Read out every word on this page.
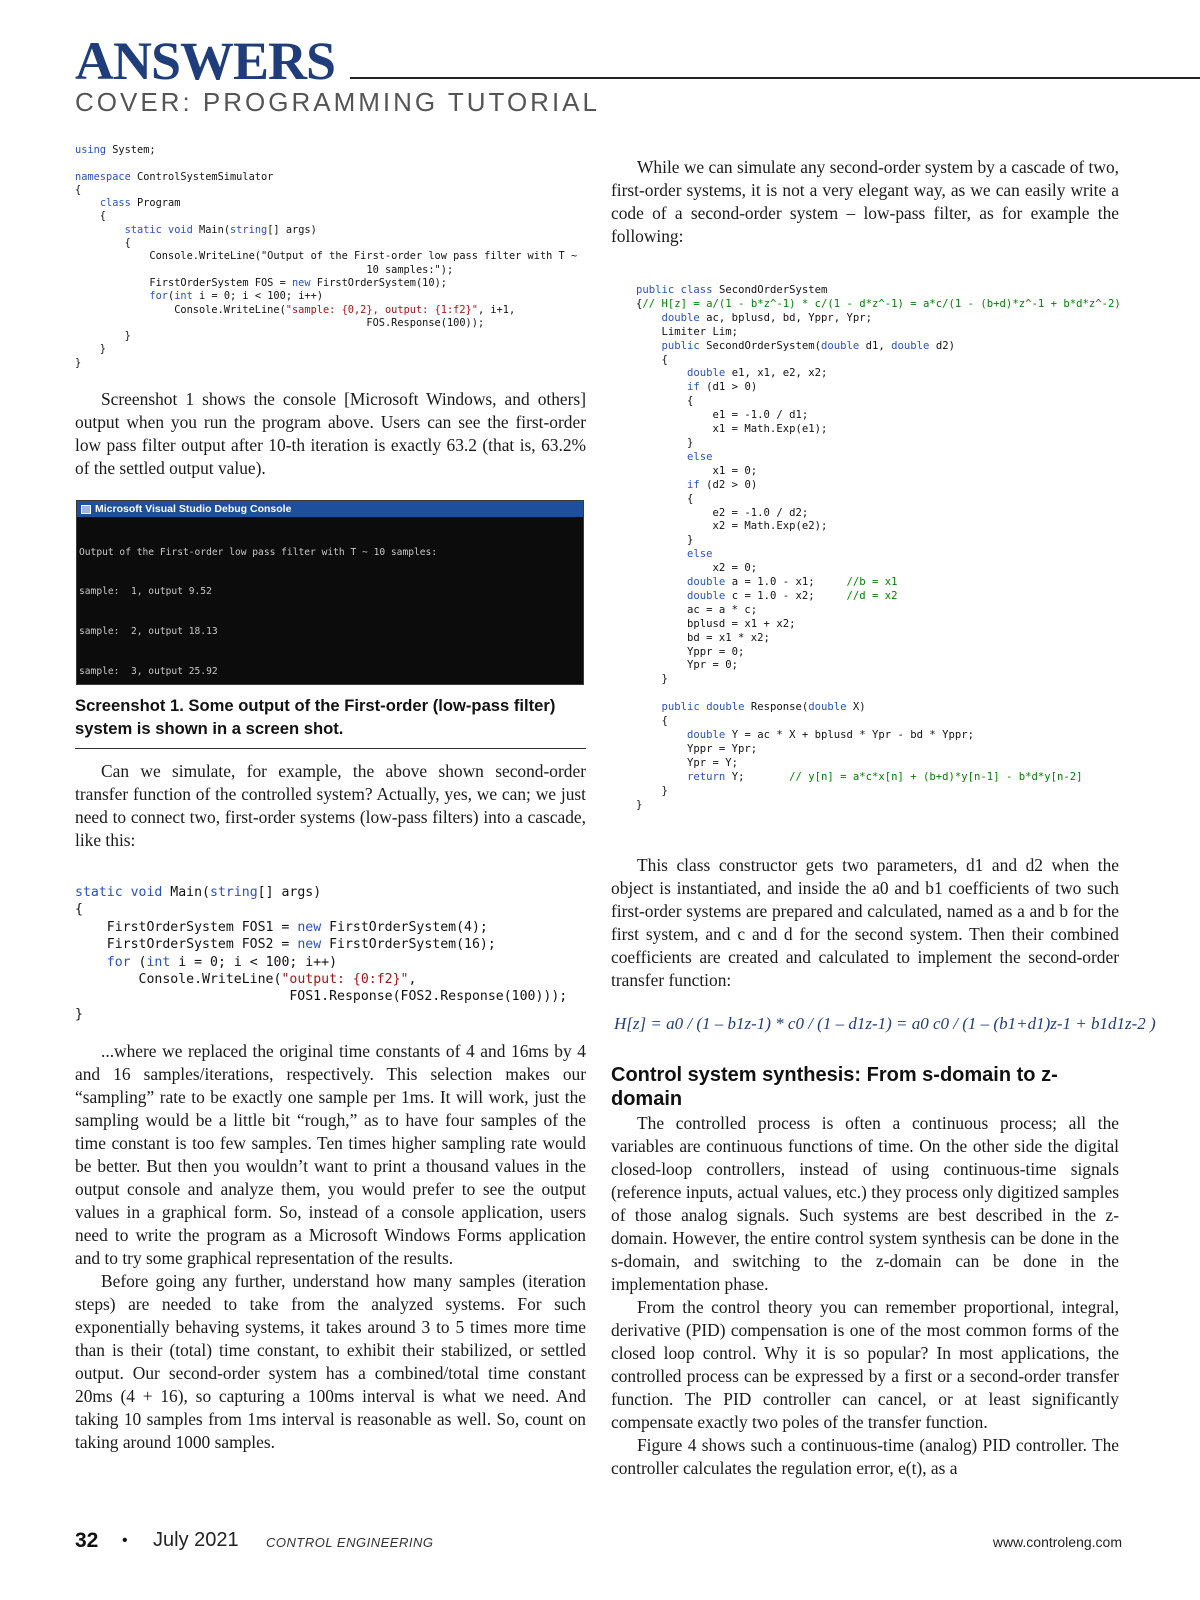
ANSWERS
COVER: PROGRAMMING TUTORIAL
using System;

namespace ControlSystemSimulator
{
class Program
{
static void Main(string[] args)
{
Console.WriteLine("Output of the First-order low pass filter with T ~
10 samples:");
FirstOrderSystem FOS = new FirstOrderSystem(10);
for(int i = 0; i < 100; i++)
Console.WriteLine("sample: {0,2}, output: {1:f2}", i+1,
FOS.Response(100));
}
}
}

Screenshot 1 shows the console [Microsoft Windows, and others] output when you run the program above. Users can see the first-order low pass filter output after 10-th iteration is exactly 63.2 (that is, 63.2% of the settled output value).

Microsoft Visual Studio Debug Console

Output of the First-order low pass filter with T ~ 10 samples:

sample:  1, output 9.52

sample:  2, output 18.13

sample:  3, output 25.92

Screenshot 1. Some output of the First-order (low-pass filter) system is shown in a screen shot.

Can we simulate, for example, the above shown second-order transfer function of the controlled system? Actually, yes, we can; we just need to connect two, first-order systems (low-pass filters) into a cascade, like this:

static void Main(string[] args)
{
FirstOrderSystem FOS1 = new FirstOrderSystem(4);
FirstOrderSystem FOS2 = new FirstOrderSystem(16);
for (int i = 0; i < 100; i++)
Console.WriteLine("output: {0:f2}",
FOS1.Response(FOS2.Response(100)));
}

...where we replaced the original time constants of 4 and 16ms by 4 and 16 samples/iterations, respectively. This selection makes our “sampling” rate to be exactly one sample per 1ms. It will work, just the sampling would be a little bit “rough,” as to have four samples of the time constant is too few samples. Ten times higher sampling rate would be better. But then you wouldn’t want to print a thousand values in the output console and analyze them, you would prefer to see the output values in a graphical form. So, instead of a console application, users need to write the program as a Microsoft Windows Forms application and to try some graphical representation of the results.

Before going any further, understand how many samples (iteration steps) are needed to take from the analyzed systems. For such exponentially behaving systems, it takes around 3 to 5 times more time than is their (total) time constant, to exhibit their stabilized, or settled output. Our second-order system has a combined/total time constant 20ms (4 + 16), so capturing a 100ms interval is what we need. And taking 10 samples from 1ms interval is reasonable as well. So, count on taking around 1000 samples.

While we can simulate any second-order system by a cascade of two, first-order systems, it is not a very elegant way, as we can easily write a code of a second-order system – low-pass filter, as for example the following:

public class SecondOrderSystem
{// H[z] = a/(1 - b*z^-1) * c/(1 - d*z^-1) = a*c/(1 - (b+d)*z^-1 + b*d*z^-2)
double ac, bplusd, bd, Yppr, Ypr;
Limiter Lim;
public SecondOrderSystem(double d1, double d2)
{
double e1, x1, e2, x2;
if (d1 > 0)
{
e1 = -1.0 / d1;
x1 = Math.Exp(e1);
}
else
x1 = 0;
if (d2 > 0)
{
e2 = -1.0 / d2;
x2 = Math.Exp(e2);
}
else
x2 = 0;
double a = 1.0 - x1;     //b = x1
double c = 1.0 - x2;     //d = x2
ac = a * c;
bplusd = x1 + x2;
bd = x1 * x2;
Yppr = 0;
Ypr = 0;
}

public double Response(double X)
{
double Y = ac * X + bplusd * Ypr - bd * Yppr;
Yppr = Ypr;
Ypr = Y;
return Y;       // y[n] = a*c*x[n] + (b+d)*y[n-1] - b*d*y[n-2]
}
}

This class constructor gets two parameters, d1 and d2 when the object is instantiated, and inside the a0 and b1 coefficients of two such first-order systems are prepared and calculated, named as a and b for the first system, and c and d for the second system. Then their combined coefficients are created and calculated to implement the second-order transfer function:

H[z] = a0 / (1 – b1z-1) * c0 / (1 – d1z-1) = a0 c0 / (1 – (b1+d1)z-1 + b1d1z-2 )
Control system synthesis: From s-domain to z-domain

The controlled process is often a continuous process; all the variables are continuous functions of time. On the other side the digital closed-loop controllers, instead of using continuous-time signals (reference inputs, actual values, etc.) they process only digitized samples of those analog signals. Such systems are best described in the z-domain. However, the entire control system synthesis can be done in the s-domain, and switching to the z-domain can be done in the implementation phase.

From the control theory you can remember proportional, integral, derivative (PID) compensation is one of the most common forms of the closed loop control. Why it is so popular? In most applications, the controlled process can be expressed by a first or a second-order transfer function. The PID controller can cancel, or at least significantly compensate exactly two poles of the transfer function.

Figure 4 shows such a continuous-time (analog) PID controller. The controller calculates the regulation error, e(t), as a

32 • July 2021 CONTROL ENGINEERING	www.controleng.com
